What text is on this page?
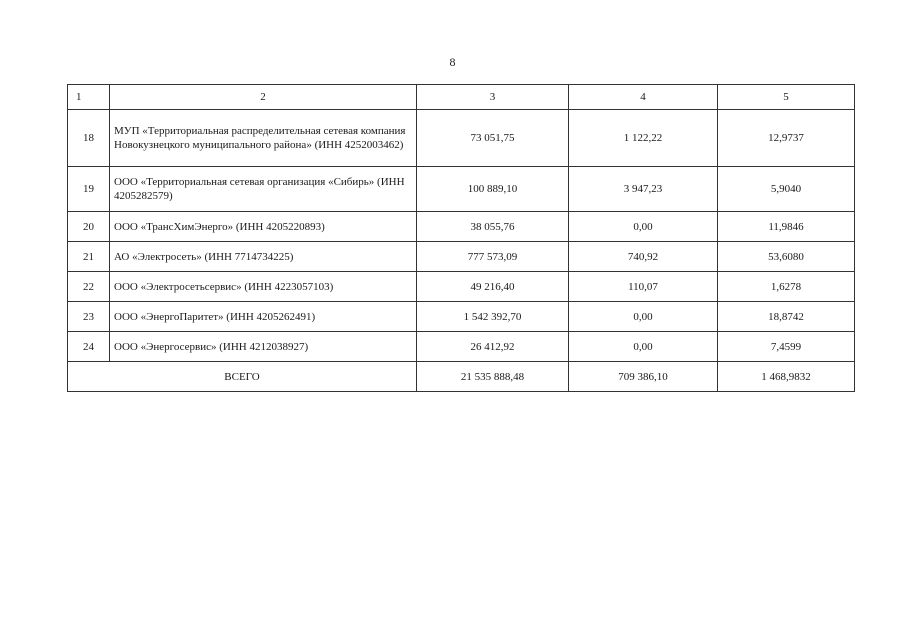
8
1	2	3	4	5
18	МУП «Территориальная распределительная сетевая компания Новокузнецкого муниципального района» (ИНН 4252003462)	73 051,75	1 122,22	12,9737
19	ООО «Территориальная сетевая организация «Сибирь» (ИНН 4205282579)	100 889,10	3 947,23	5,9040
20	ООО «ТрансХимЭнерго» (ИНН 4205220893)	38 055,76	0,00	11,9846
21	АО «Электросеть» (ИНН 7714734225)	777 573,09	740,92	53,6080
22	ООО «Электросетьсервис» (ИНН 4223057103)	49 216,40	110,07	1,6278
23	ООО «ЭнергоПаритет» (ИНН 4205262491)	1 542 392,70	0,00	18,8742
24	ООО «Энергосервис» (ИНН 4212038927)	26 412,92	0,00	7,4599
ВСЕГО		21 535 888,48	709 386,10	1 468,9832
